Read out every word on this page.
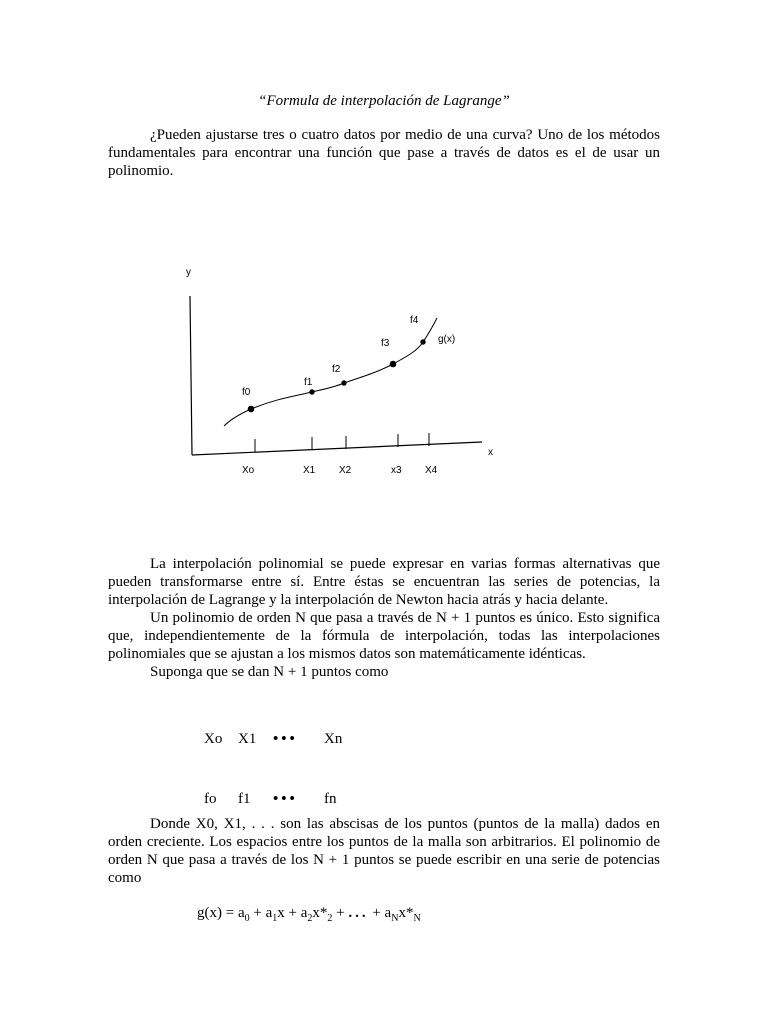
“Formula de interpolación de Lagrange”

¿Pueden ajustarse tres o cuatro datos por medio de una curva? Uno de los métodos fundamentales para encontrar una función que pase a través de datos es el de usar un polinomio.

y
x
Xo	X1 X2	x3 X4
f0
f1
f2
f3
f4
g(x)

La interpolación polinomial se puede expresar en varias formas alternativas que pueden transformarse entre sí. Entre éstas se encuentran las series de potencias, la interpolación de Lagrange y la interpolación de Newton hacia atrás y hacia delante.

Un polinomio de orden N que pasa a través de N + 1 puntos es único. Esto significa que, independientemente de la fórmula de interpolación, todas las interpolaciones polinomiales que se ajustan a los mismos datos son matemáticamente idénticas.

Suponga que se dan N + 1 puntos como

Xo X1 ••• Xn
fo f1 ••• fn

Donde X0, X1, . . . son las abscisas de los puntos (puntos de la malla) dados en orden creciente. Los espacios entre los puntos de la malla son arbitrarios. El polinomio de orden N que pasa a través de los N + 1 puntos se puede escribir en una serie de potencias como

$g(x) = a_0 + a_1x + a_2x*_2$ + ... + $a_Nx*_N$
